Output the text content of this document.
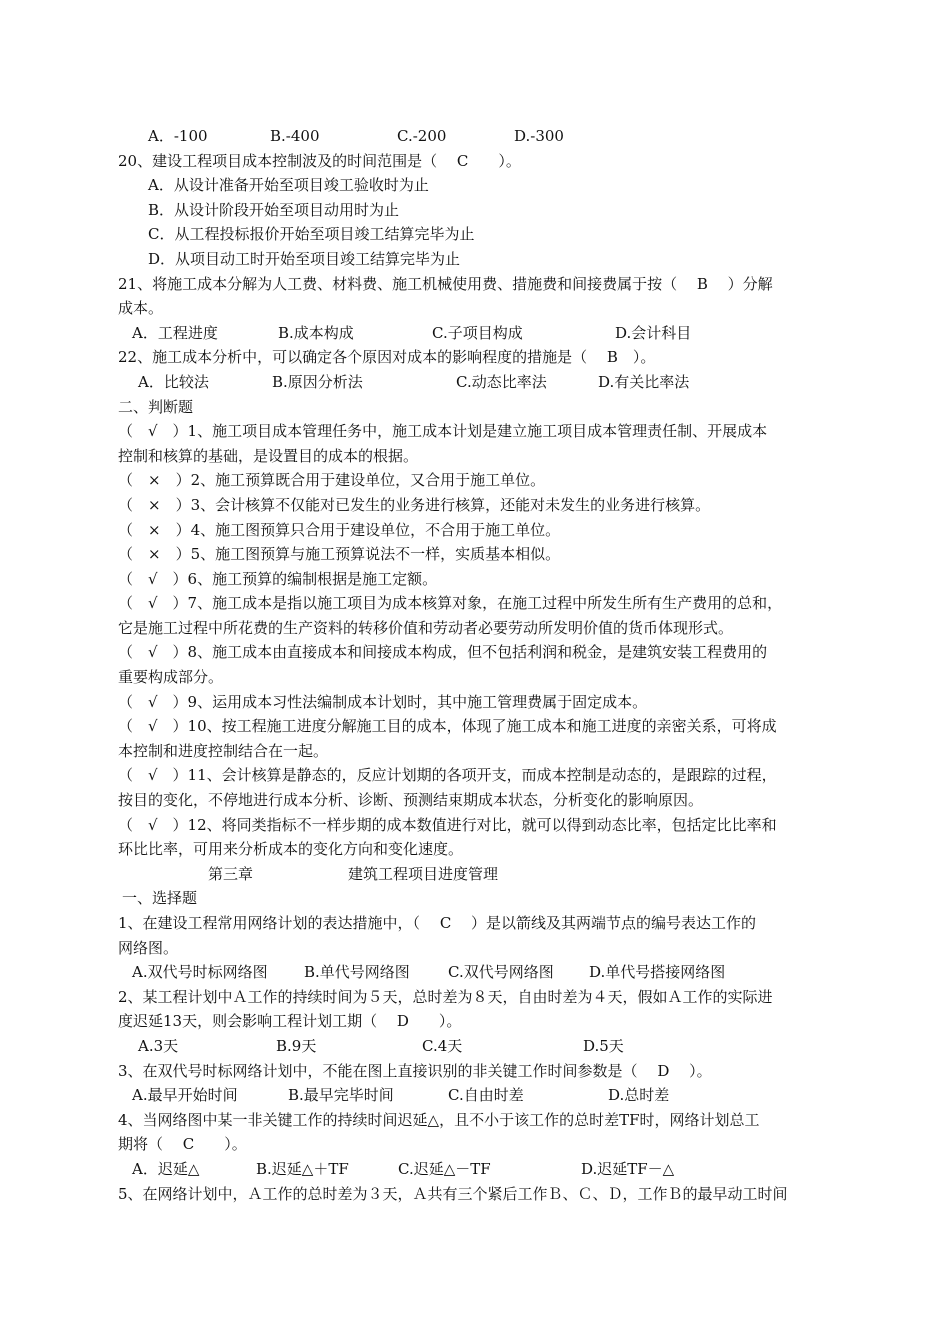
A．-100	B.-400	C.-200	D.-300
20、建设工程项目成本控制波及的时间范围是（　 C　　）。
A．从设计准备开始至项目竣工验收时为止
B．从设计阶段开始至项目动用时为止
C．从工程投标报价开始至项目竣工结算完毕为止
D．从项目动工时开始至项目竣工结算完毕为止
21、将施工成本分解为人工费、材料费、施工机械使用费、措施费和间接费属于按（　 B　 ）分解
成本。
A．工程进度	B.成本构成	C.子项目构成	D.会计科目
22、施工成本分析中，可以确定各个原因对成本的影响程度的措施是（　 B　）。
A．比较法	B.原因分析法	C.动态比率法	D.有关比率法
二、判断题
（　√　）1、施工项目成本管理任务中，施工成本计划是建立施工项目成本管理责任制、开展成本
控制和核算的基础，是设置目的成本的根据。
（　×　）2、施工预算既合用于建设单位，又合用于施工单位。
（　×　）3、会计核算不仅能对已发生的业务进行核算，还能对未发生的业务进行核算。
（　×　）4、施工图预算只合用于建设单位，不合用于施工单位。
（　×　）5、施工图预算与施工预算说法不一样，实质基本相似。
（　√　）6、施工预算的编制根据是施工定额。
（　√　）7、施工成本是指以施工项目为成本核算对象，在施工过程中所发生所有生产费用的总和，
它是施工过程中所花费的生产资料的转移价值和劳动者必要劳动所发明价值的货币体现形式。
（　√　）8、施工成本由直接成本和间接成本构成，但不包括利润和税金，是建筑安装工程费用的
重要构成部分。
（　√　）9、运用成本习性法编制成本计划时，其中施工管理费属于固定成本。
（　√　）10、按工程施工进度分解施工目的成本，体现了施工成本和施工进度的亲密关系，可将成
本控制和进度控制结合在一起。
（　√　）11、会计核算是静态的，反应计划期的各项开支，而成本控制是动态的，是跟踪的过程，
按目的变化，不停地进行成本分析、诊断、预测结束期成本状态，分析变化的影响原因。
（　√　）12、将同类指标不一样步期的成本数值进行对比，就可以得到动态比率，包括定比比率和
环比比率，可用来分析成本的变化方向和变化速度。
第三章	建筑工程项目进度管理
一、选择题
1、在建设工程常用网络计划的表达措施中，（　 C　 ）是以箭线及其两端节点的编号表达工作的
网络图。
A.双代号时标网络图 B.单代号网络图	C.双代号网络图 D.单代号搭接网络图
2、某工程计划中Ａ工作的持续时间为５天，总时差为８天，自由时差为４天，假如Ａ工作的实际进
度迟延13天，则会影响工程计划工期（　 D　　）。
A.3天	B.9天	C.4天	D.5天
3、在双代号时标网络计划中，不能在图上直接识别的非关键工作时间参数是（　 D　 ）。
A.最早开始时间	B.最早完毕时间	C.自由时差	D.总时差
4、当网络图中某一非关键工作的持续时间迟延△，且不小于该工作的总时差TF时，网络计划总工
期将（　 C　　）。
A．迟延△	B.迟延△＋TF	C.迟延△－TF	D.迟延TF－△
5、在网络计划中，Ａ工作的总时差为３天，Ａ共有三个紧后工作Ｂ、Ｃ、Ｄ，工作Ｂ的最早动工时间
